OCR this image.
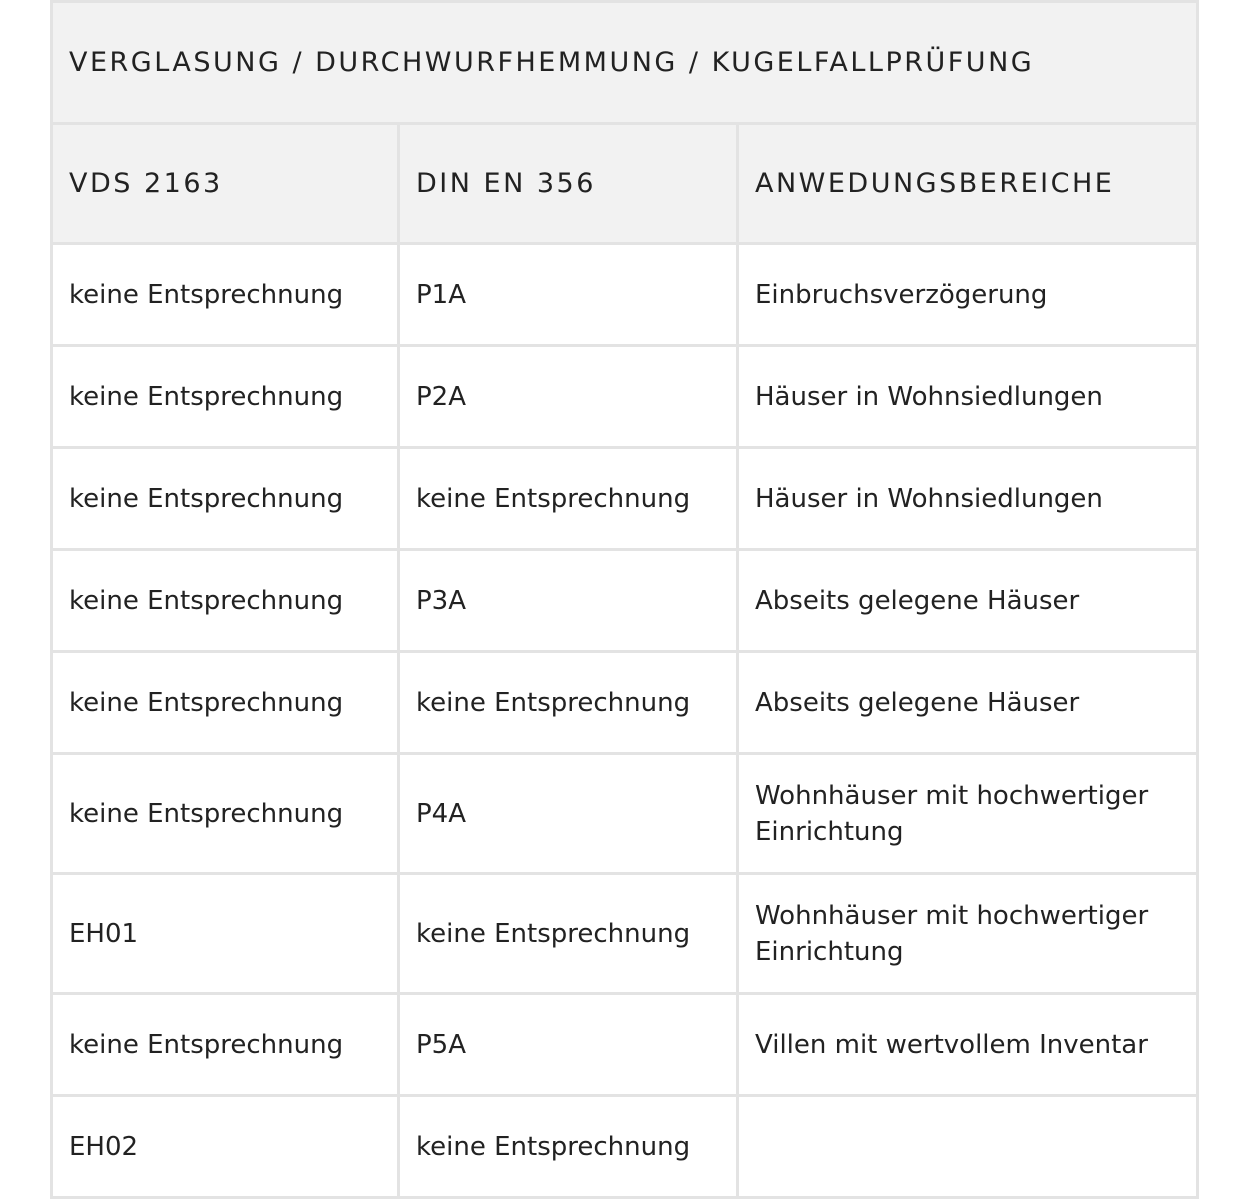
VERGLASUNG / DURCHWURFHEMMUNG / KUGELFALLPRÜFUNG		
VDS 2163	DIN EN 356	ANWEDUNGSBEREICHE
keine Entsprechnung	P1A	Einbruchsverzögerung
keine Entsprechnung	P2A	Häuser in Wohnsiedlungen
keine Entsprechnung	keine Entsprechnung	Häuser in Wohnsiedlungen
keine Entsprechnung	P3A	Abseits gelegene Häuser
keine Entsprechnung	keine Entsprechnung	Abseits gelegene Häuser
keine Entsprechnung	P4A	Wohnhäuser mit hochwertiger Einrichtung
EH01	keine Entsprechnung	Wohnhäuser mit hochwertiger Einrichtung
keine Entsprechnung	P5A	Villen mit wertvollem Inventar
EH02	keine Entsprechnung	
